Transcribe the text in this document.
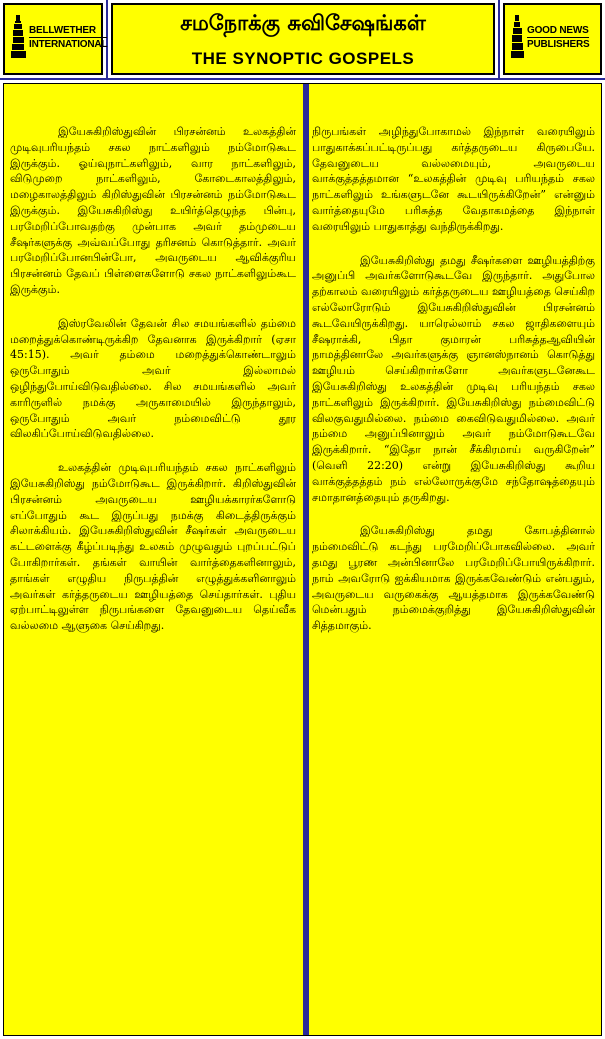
BELLWETHER
INTERNATIONAL
சமநோக்கு சுவிசேஷங்கள்
THE SYNOPTIC GOSPELS
GOOD NEWS
PUBLISHERS

இயேசுகிறிஸ்துவின் பிரசன்னம் உலகத்தின் முடிவுபரியந்தம் சகல நாட்களிலும் நம்மோடுகூட இருக்கும். ஓய்வுநாட்களிலும், வார நாட்களிலும், விடுமுறை நாட்களிலும், கோடைகாலத்திலும், மழைகாலத்திலும் கிறிஸ்துவின் பிரசன்னம் நம்மோடுகூட இருக்கும். இயேசுகிறிஸ்து உயிர்த்தெழுந்த பின்பு, பரமேறிப்போவதற்கு முன்பாக அவர் தம்முடைய சீஷர்களுக்கு அவ்வப்போது தரிசனம் கொடுத்தார். அவர் பரமேறிப்போனபின்போ, அவருடைய ஆவிக்குரிய பிரசன்னம் தேவப் பிள்ளைகளோடு சகல நாட்களிலும்கூட இருக்கும்.

இஸ்ரவேலின் தேவன் சில சமயங்களில் தம்மை மறைத்துக்கொண்டிருக்கிற தேவனாக இருக்கிறார் (ஏசா 45:15). அவர் தம்மை மறைத்துக்கொண்டாலும் ஒருபோதும் அவர் இல்லாமல் ஒழிந்துபோய்விடுவதில்லை. சில சமயங்களில் அவர் காரிருளில் நமக்கு அருகாமையில் இருந்தாலும், ஒருபோதும் அவர் நம்மைவிட்டு தூர விலகிப்போய்விடுவதில்லை.

உலகத்தின் முடிவுபரியந்தம் சகல நாட்களிலும் இயேசுகிறிஸ்து நம்மோடுகூட இருக்கிறார். கிறிஸ்துவின் பிரசன்னம் அவருடைய ஊழியக்காரர்களோடு எப்போதும் கூட இருப்பது நமக்கு கிடைத்திருக்கும் சிலாக்கியம். இயேசுகிறிஸ்துவின் சீஷர்கள் அவருடைய கட்டளைக்கு கீழ்ப்படிந்து உலகம் முழுவதும் புறப்பட்டுப் போகிறார்கள். தங்கள் வாயின் வார்த்தைகளினாலும், தாங்கள் எழுதிய நிருபத்தின் எழுத்துக்களினாலும் அவர்கள் கர்த்தருடைய ஊழியத்தை செய்தார்கள். புதிய ஏற்பாட்டிலுள்ள நிருபங்களை தேவனுடைய தெய்வீக வல்லமை ஆளுகை செய்கிறது.

நிருபங்கள் அழிந்துபோகாமல் இந்நாள் வரையிலும் பாதுகாக்கப்பட்டிருப்பது கர்த்தருடைய கிருபையே. தேவனுடைய வல்லமையும், அவருடைய வாக்குத்தத்தமான “உலகத்தின் முடிவு பரியந்தம் சகல நாட்களிலும் உங்களுடனே கூடயிருக்கிறேன்” என்னும் வார்த்தையுமே பரிசுத்த வேதாகமத்தை இந்நாள் வரையிலும் பாதுகாத்து வந்திருக்கிறது.

இயேசுகிறிஸ்து தமது சீஷர்களை ஊழியத்திற்கு அனுப்பி அவர்களோடுகூடவே இருந்தார். அதுபோல தற்காலம் வரையிலும் கர்த்தருடைய ஊழியத்தை செய்கிற எல்லோரோடும் இயேசுகிறிஸ்துவின் பிரசன்னம் கூடவேயிருக்கிறது. யாரெல்லாம் சகல ஜாதிகளையும் சீஷராக்கி, பிதா குமாரன் பரிசுத்தஆவியின் நாமத்தினாலே அவர்களுக்கு ஞானஸ்நானம் கொடுத்து ஊழியம் செய்கிறார்களோ அவர்களுடனேகூட இயேசுகிறிஸ்து உலகத்தின் முடிவு பரியந்தம் சகல நாட்களிலும் இருக்கிறார். இயேசுகிறிஸ்து நம்மைவிட்டு விலகுவதுமில்லை. நம்மை கைவிடுவதுமில்லை. அவர் நம்மை அனுப்பினாலும் அவர் நம்மோடுகூடவே இருக்கிறார். “இதோ நான் சீக்கிரமாய் வருகிறேன்” (வெளி 22:20) என்று இயேசுகிறிஸ்து கூறிய வாக்குத்தத்தம் நம் எல்லோருக்குமே சந்தோஷத்தையும் சமாதானத்தையும் தருகிறது.

இயேசுகிறிஸ்து தமது கோபத்தினால் நம்மைவிட்டு கடந்து பரமேறிப்போகவில்லை. அவர் தமது பூரண அன்பினாலே பரமேறிப்போயிருக்கிறார். நாம் அவரோடு ஐக்கியமாக இருக்கவேண்டும் என்பதும், அவருடைய வருகைக்கு ஆயத்தமாக இருக்கவேண்டு மென்பதும் நம்மைக்குறித்து இயேசுகிறிஸ்துவின் சித்தமாகும்.
